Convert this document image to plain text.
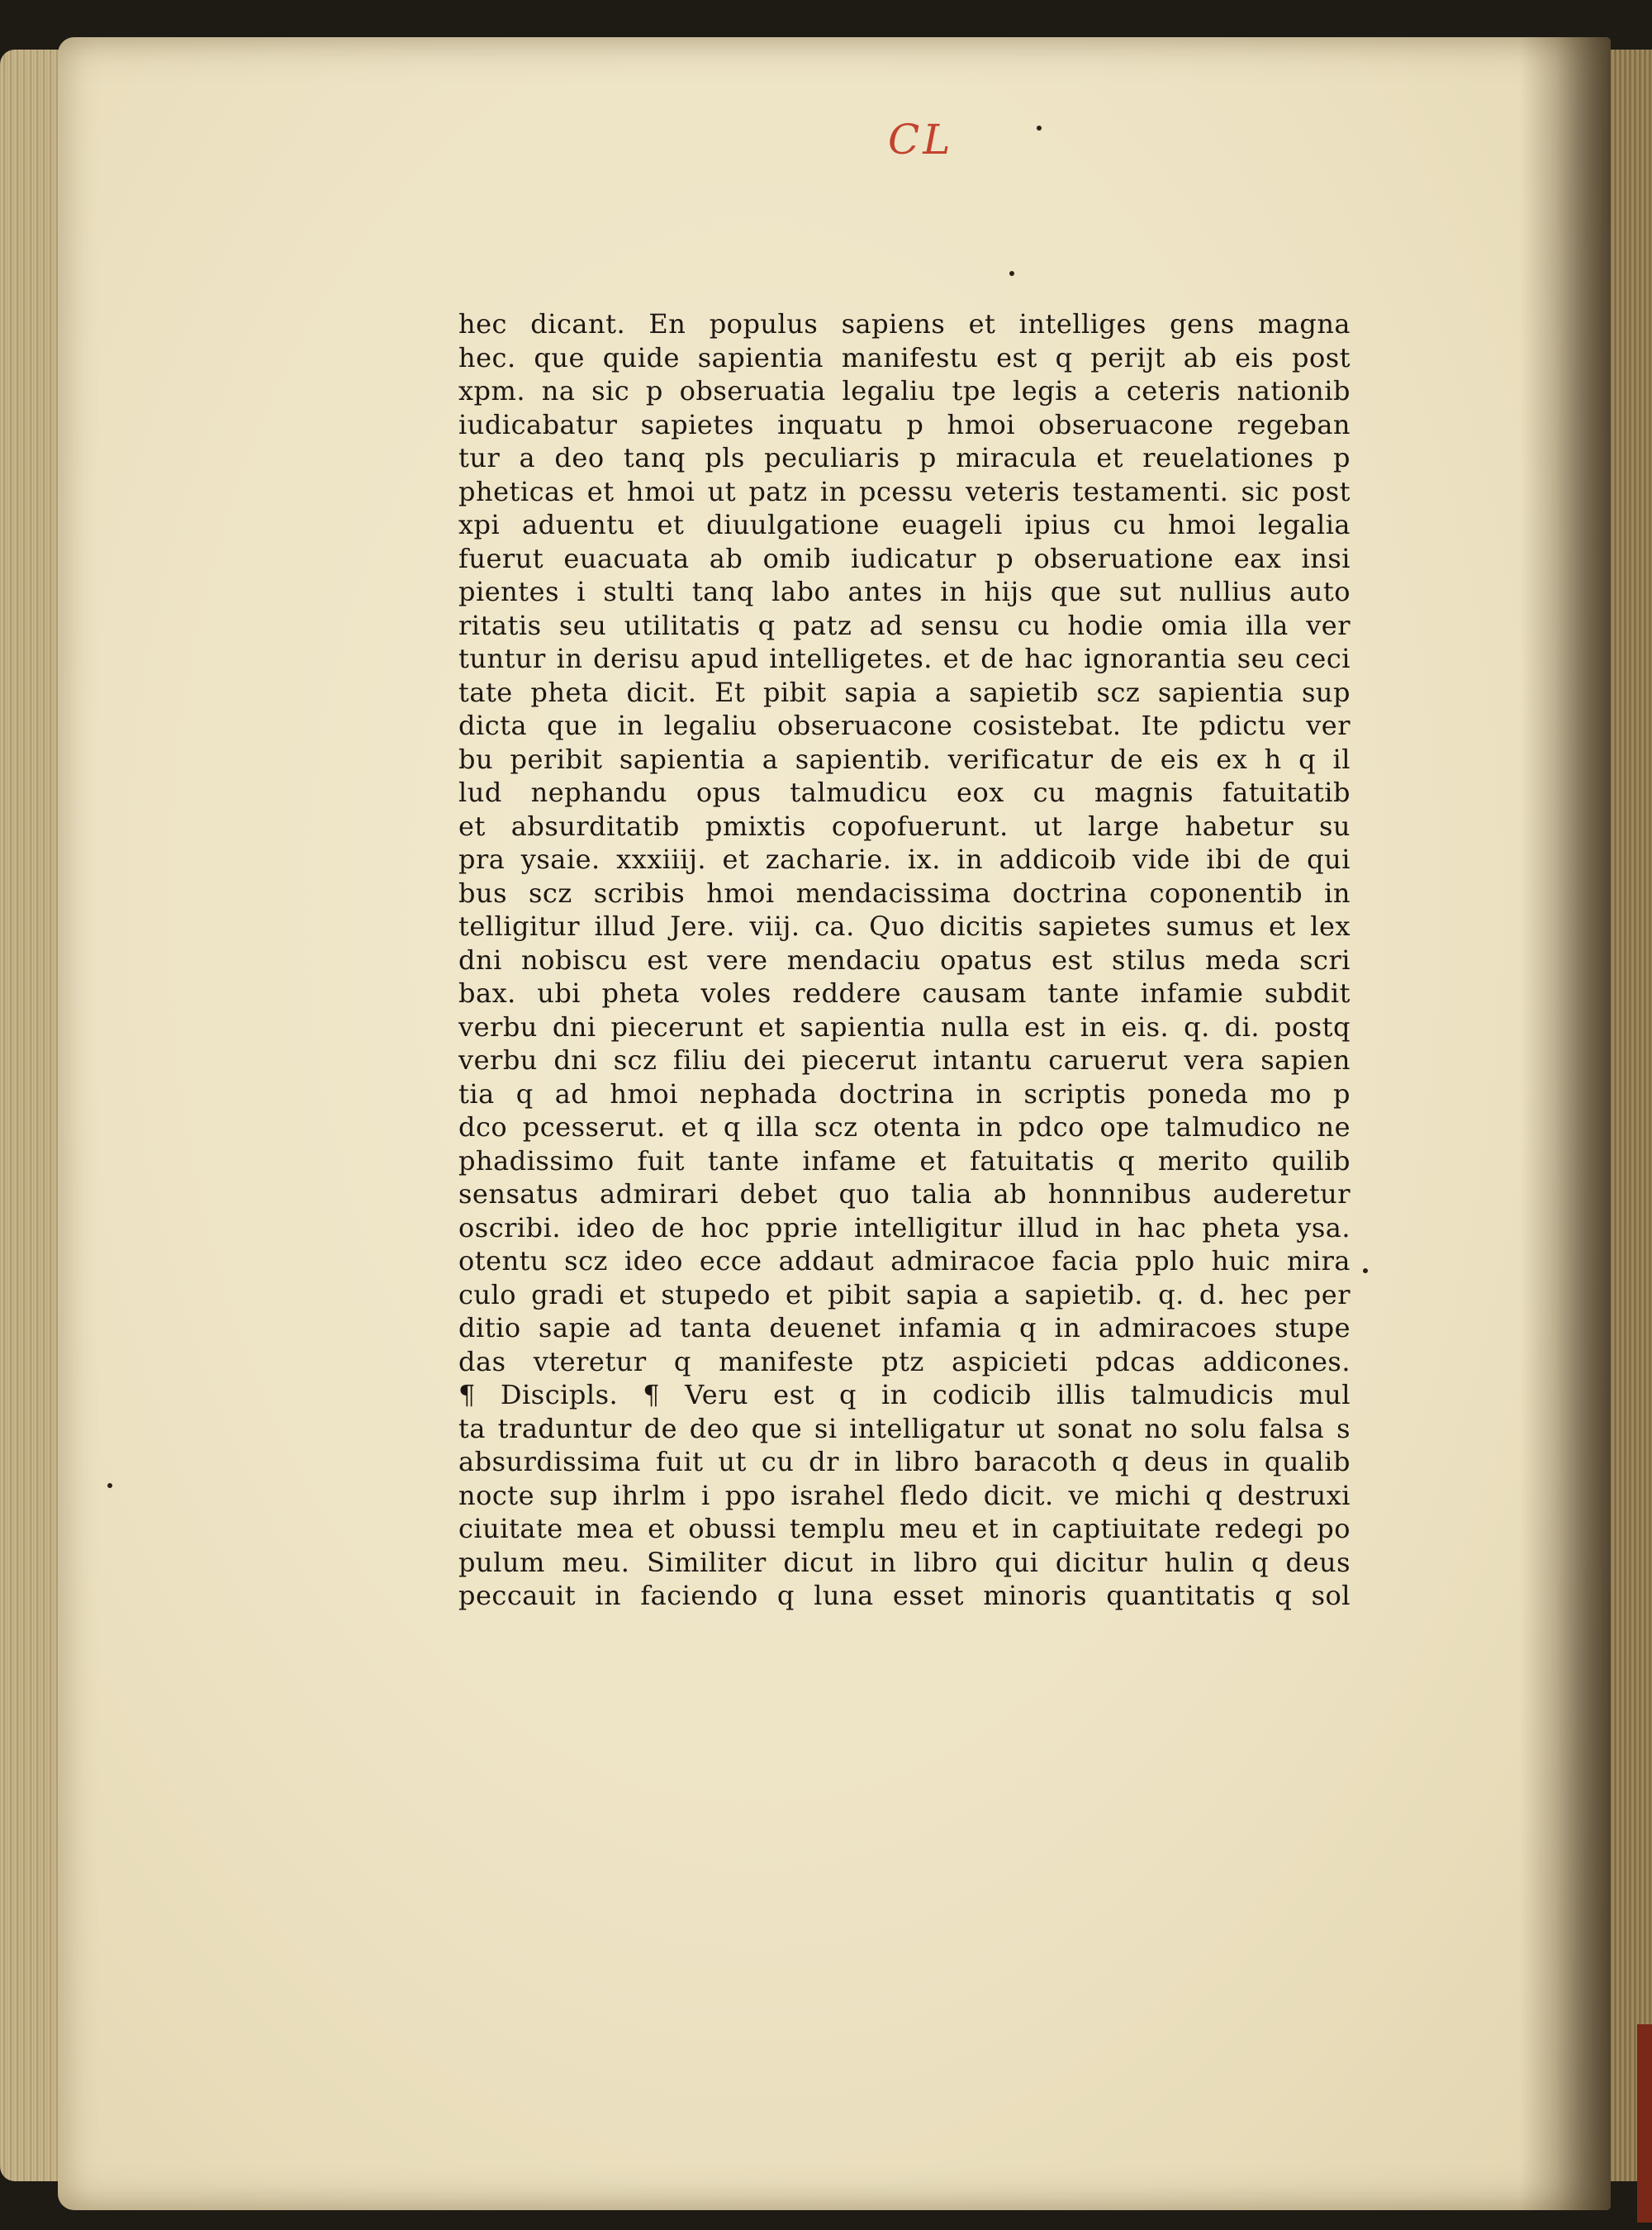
CL
hec dicant. En populus sapiens et intelliges gens magna
hec. que quide sapientia manifestu est q perijt ab eis post
xpm. na sic p obseruatia legaliu tpe legis a ceteris nationib
iudicabatur sapietes inquatu p hmoi obseruacone regeban
tur a deo tanq pls peculiaris p miracula et reuelationes p
pheticas et hmoi ut patz in pcessu veteris testamenti. sic post
xpi aduentu et diuulgatione euageli ipius cu hmoi legalia
fuerut euacuata ab omib iudicatur p obseruatione eax insi
pientes i stulti tanq labo antes in hijs que sut nullius auto
ritatis seu utilitatis q patz ad sensu cu hodie omia illa ver
tuntur in derisu apud intelligetes. et de hac ignorantia seu ceci
tate pheta dicit. Et pibit sapia a sapietib scz sapientia sup
dicta que in legaliu obseruacone cosistebat. Ite pdictu ver
bu peribit sapientia a sapientib. verificatur de eis ex h q il
lud nephandu opus talmudicu eox cu magnis fatuitatib
et absurditatib pmixtis copofuerunt. ut large habetur su
pra ysaie. xxxiiij. et zacharie. ix. in addicoib vide ibi de qui
bus scz scribis hmoi mendacissima doctrina coponentib in
telligitur illud Jere. viij. ca. Quo dicitis sapietes sumus et lex
dni nobiscu est vere mendaciu opatus est stilus meda scri
bax. ubi pheta voles reddere causam tante infamie subdit
verbu dni piecerunt et sapientia nulla est in eis. q. di. postq
verbu dni scz filiu dei piecerut intantu caruerut vera sapien
tia q ad hmoi nephada doctrina in scriptis poneda mo p
dco pcesserut. et q illa scz otenta in pdco ope talmudico ne
phadissimo fuit tante infame et fatuitatis q merito quilib
sensatus admirari debet quo talia ab honnnibus auderetur
oscribi. ideo de hoc pprie intelligitur illud in hac pheta ysa.
otentu scz ideo ecce addaut admiracoe facia pplo huic mira
culo gradi et stupedo et pibit sapia a sapietib. q. d. hec per
ditio sapie ad tanta deuenet infamia q in admiracoes stupe
das vteretur q manifeste ptz aspicieti pdcas addicones.
¶ Discipls. ¶ Veru est q in codicib illis talmudicis mul
ta traduntur de deo que si intelligatur ut sonat no solu falsa s
absurdissima fuit ut cu dr in libro baracoth q deus in qualib
nocte sup ihrlm i ppo israhel fledo dicit. ve michi q destruxi
ciuitate mea et obussi templu meu et in captiuitate redegi po
pulum meu. Similiter dicut in libro qui dicitur hulin q deus
peccauit in faciendo q luna esset minoris quantitatis q sol
